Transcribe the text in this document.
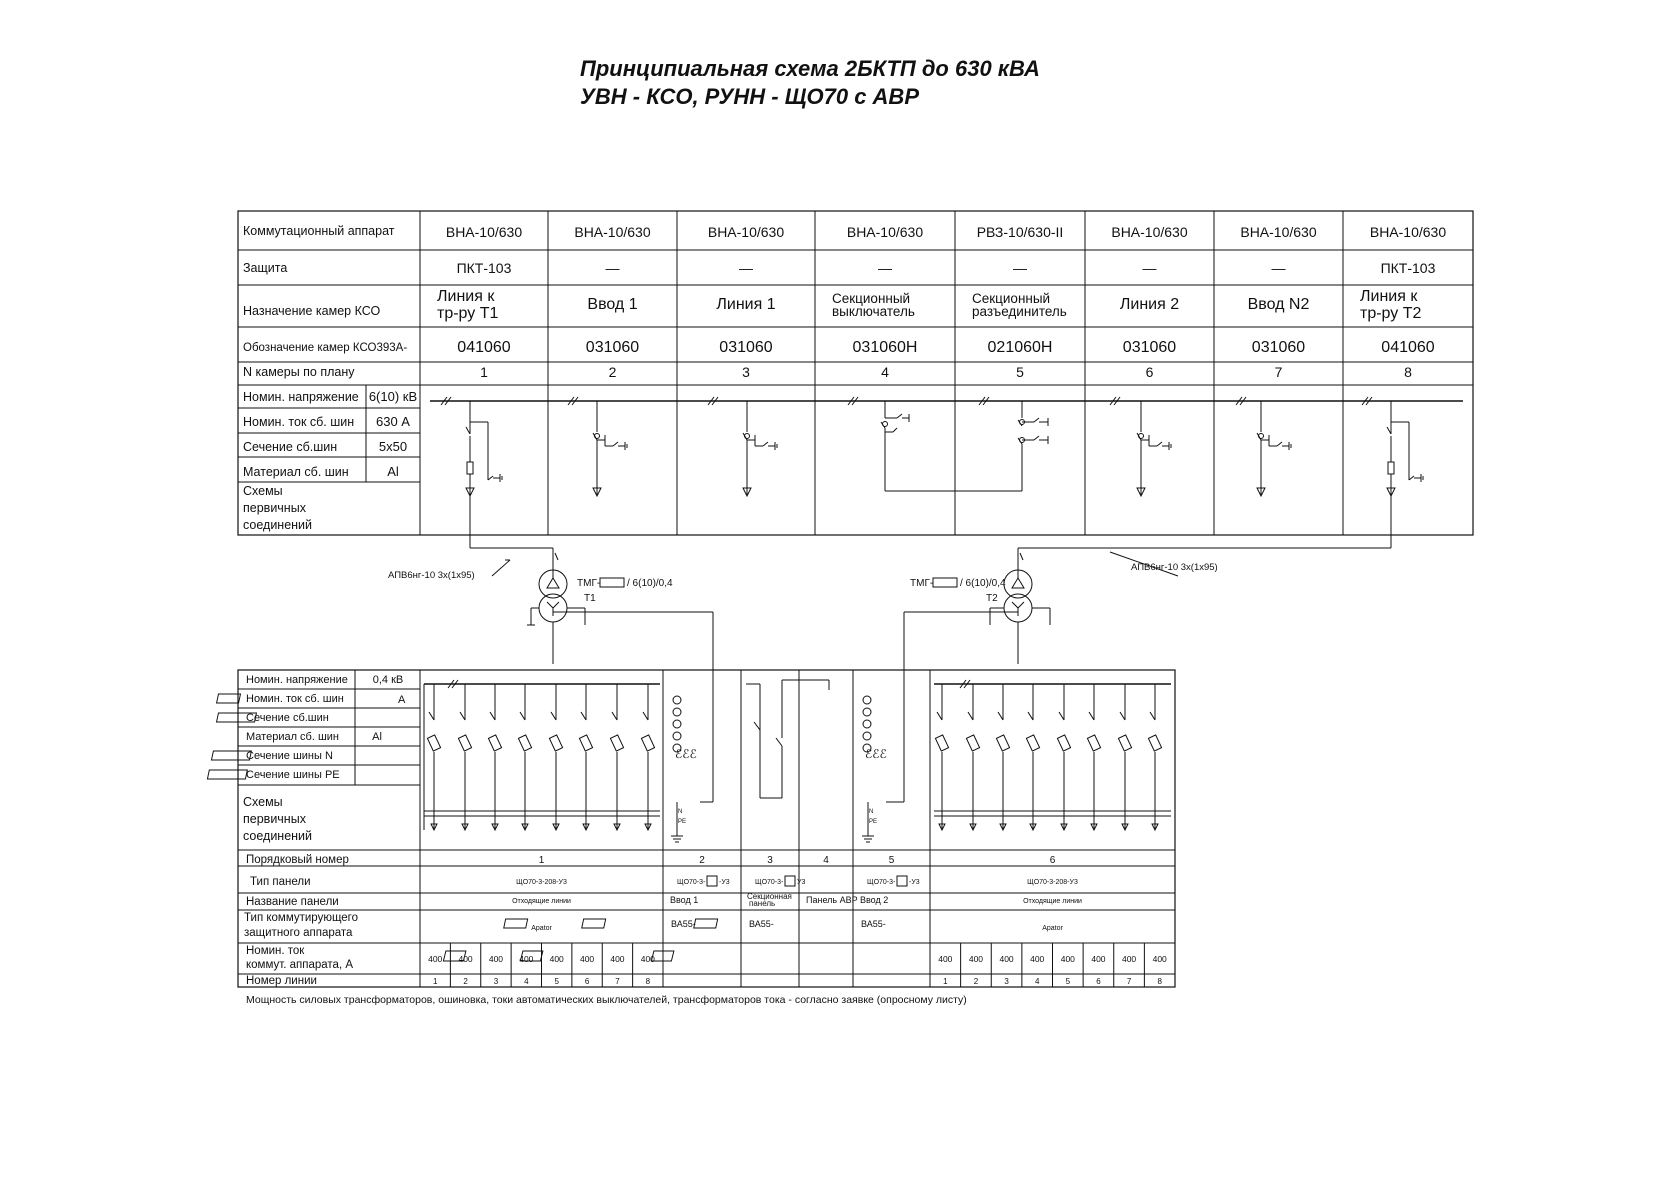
Принципиальная схема 2БКТП до 630 кВА
УВН - КСО, РУНН - ЩО70 с АВР
Коммутационный аппарат
Защита
Назначение камер КСО
Обозначение камер КСО393А-
N камеры по плану
Номин. напряжение
Номин. ток сб. шин
Сечение сб.шин
Материал сб. шин
Схемы
первичных
соединений
6(10) кВ
630 А
5х50
Al
ВНА-10/630
ПКТ-103
Линия к
тр-ру Т1
041060
1
ВНА-10/630
—
Ввод 1
031060
2
ВНА-10/630
—
Линия 1
031060
3
ВНА-10/630
—
Секционный
выключатель
031060Н
4
РВЗ-10/630-II
—
Секционный
разъединитель
021060Н
5
ВНА-10/630
—
Линия 2
031060
6
ВНА-10/630
—
Ввод N2
031060
7
ВНА-10/630
ПКТ-103
Линия к
тр-ру Т2
041060
8
АПВ6нг-10 3х(1х95)
АПВ6нг-10 3х(1х95)
ТМГ-	/ 6(10)/0,4
Т1
ТМГ-	/ 6(10)/0,4
Т2
Номин. напряжение
Номин. ток сб. шин
Сечение сб.шин
Материал сб. шин
Сечение шины N
Сечение шины PE
Схемы
первичных
соединений
0,4 кВ
А
Al
Порядковый номер
Тип панели
Название панели
Тип коммутирующего
защитного аппарата
Номин. ток
коммут. аппарата, А
Номер линии
1
ЩО70-3-208-У3
Отходящие линии
Apator
2
ЩО70-3- -У3
Ввод 1
ВА55-
3
ЩО70-3- У3
Секционная
панель
ВА55-
4
Панель АВР
5
ЩО70-3- -У3
Ввод 2
ВА55-
6
ЩО70-3-208-У3
Отходящие линии
Apator
400
1
400
2
400
3
400
4
400
5
400
6
400
7
400
8
400
1
400
2
400
3
400
4
400
5
400
6
400
7
400
8
ℰℰℰ
N
PE
ℰℰℰ
N
PE
Мощность силовых трансформаторов, ошиновка, токи автоматических выключателей, трансформаторов тока - согласно заявке (опросному листу)
